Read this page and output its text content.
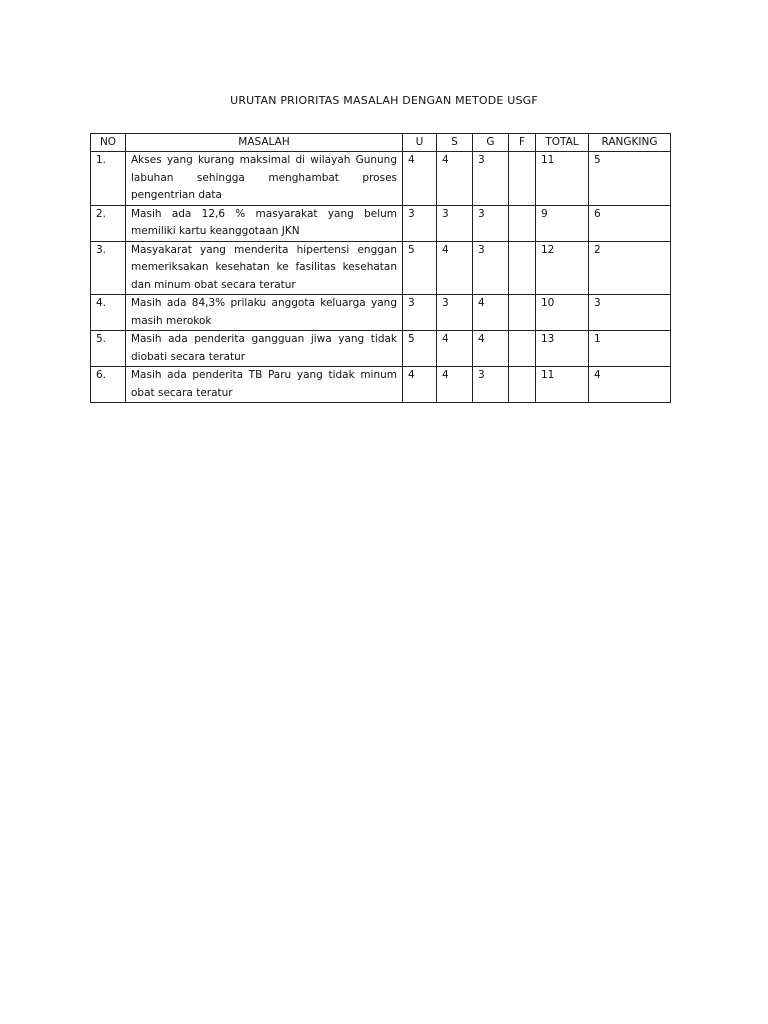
URUTAN PRIORITAS MASALAH DENGAN METODE USGF
NO	MASALAH	U	S	G	F	TOTAL	RANGKING
1.	Akses yang kurang maksimal di wilayah Gunung labuhan sehingga menghambat proses pengentrian data	4	4	3		11	5
2.	Masih ada 12,6 % masyarakat yang belum memiliki kartu keanggotaan JKN	3	3	3		9	6
3.	Masyakarat yang menderita hipertensi enggan memeriksakan kesehatan ke fasilitas kesehatan dan minum obat secara teratur	5	4	3		12	2
4.	Masih ada 84,3% prilaku anggota keluarga yang masih merokok	3	3	4		10	3
5.	Masih ada penderita gangguan jiwa yang tidak diobati secara teratur	5	4	4		13	1
6.	Masih ada penderita TB Paru yang tidak minum obat secara teratur	4	4	3		11	4
